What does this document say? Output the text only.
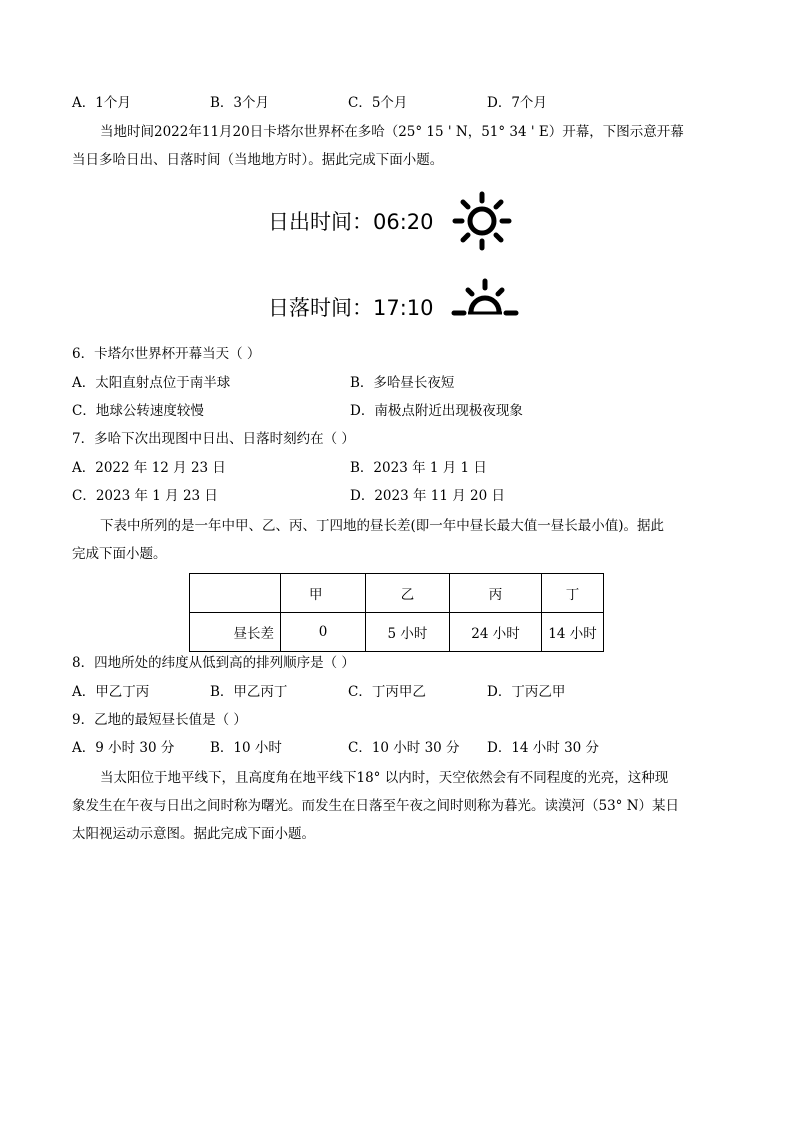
A．1个月	B．3个月	C．5个月	D．7个月
当地时间2022年11月20日卡塔尔世界杯在多哈（25° 15 ' N，51° 34 ' E）开幕，下图示意开幕
当日多哈日出、日落时间（当地地方时）。据此完成下面小题。
日出时间：06:20
日落时间：17:10
6．卡塔尔世界杯开幕当天（ ）
A．太阳直射点位于南半球	B．多哈昼长夜短
C．地球公转速度较慢	D．南极点附近出现极夜现象
7．多哈下次出现图中日出、日落时刻约在（ ）
A．2022 年 12 月 23 日	B．2023 年 1 月 1 日
C．2023 年 1 月 23 日	D．2023 年 11 月 20 日
下表中所列的是一年中甲、乙、丙、丁四地的昼长差(即一年中昼长最大值一昼长最小值)。据此
完成下面小题。
	甲	乙	丙	丁
昼长差	0	5 小时	24 小时	14 小时
8．四地所处的纬度从低到高的排列顺序是（ ）
A．甲乙丁丙	B．甲乙丙丁	C．丁丙甲乙	D．丁丙乙甲
9．乙地的最短昼长值是（ ）
A．9 小时 30 分	B．10 小时	C．10 小时 30 分 D．14 小时 30 分
当太阳位于地平线下，且高度角在地平线下18° 以内时，天空依然会有不同程度的光亮，这种现
象发生在午夜与日出之间时称为曙光。而发生在日落至午夜之间时则称为暮光。读漠河（53° N）某日
太阳视运动示意图。据此完成下面小题。
